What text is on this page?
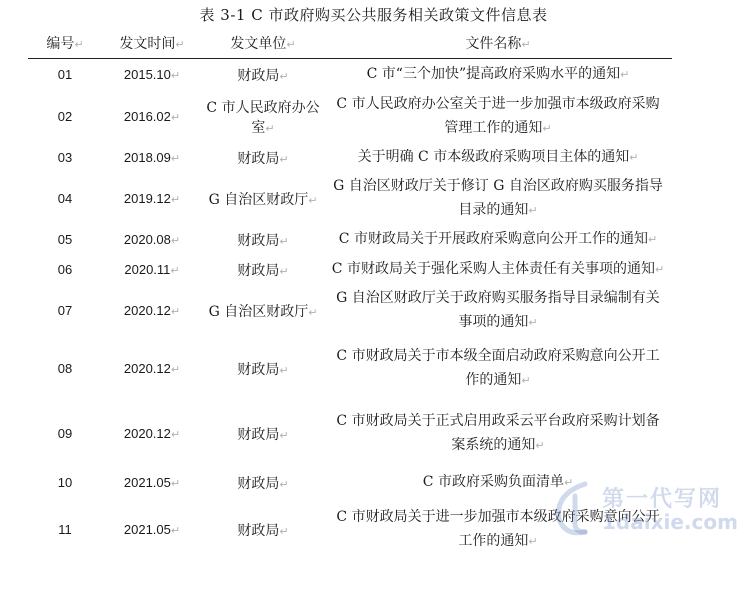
表 3-1 C 市政府购买公共服务相关政策文件信息表
编号↵	发文时间↵	发文单位↵	文件名称↵
01	2015.10↵	财政局↵	C 市“三个加快”提高政府采购水平的通知↵

02	2016.02↵	C 市人民政府办公室↵	C 市人民政府办公室关于进一步加强市本级政府采购
管理工作的通知↵

03	2018.09↵	财政局↵	关于明确 C 市本级政府采购项目主体的通知↵

04	2019.12↵	G 自治区财政厅↵	G 自治区财政厅关于修订 G 自治区政府购买服务指导
目录的通知↵

05	2020.08↵	财政局↵	C 市财政局关于开展政府采购意向公开工作的通知↵

06	2020.11↵	财政局↵	C 市财政局关于强化采购人主体责任有关事项的通知↵

07	2020.12↵	G 自治区财政厅↵	G 自治区财政厅关于政府购买服务指导目录编制有关
事项的通知↵

08	2020.12↵	财政局↵	C 市财政局关于市本级全面启动政府采购意向公开工
作的通知↵

09	2020.12↵	财政局↵	C 市财政局关于正式启用政采云平台政府采购计划备
案系统的通知↵

10	2021.05↵	财政局↵	C 市政府采购负面清单↵

11	2021.05↵	财政局↵	C 市财政局关于进一步加强市本级政府采购意向公开
工作的通知↵
第一代写网
1daixie.com
